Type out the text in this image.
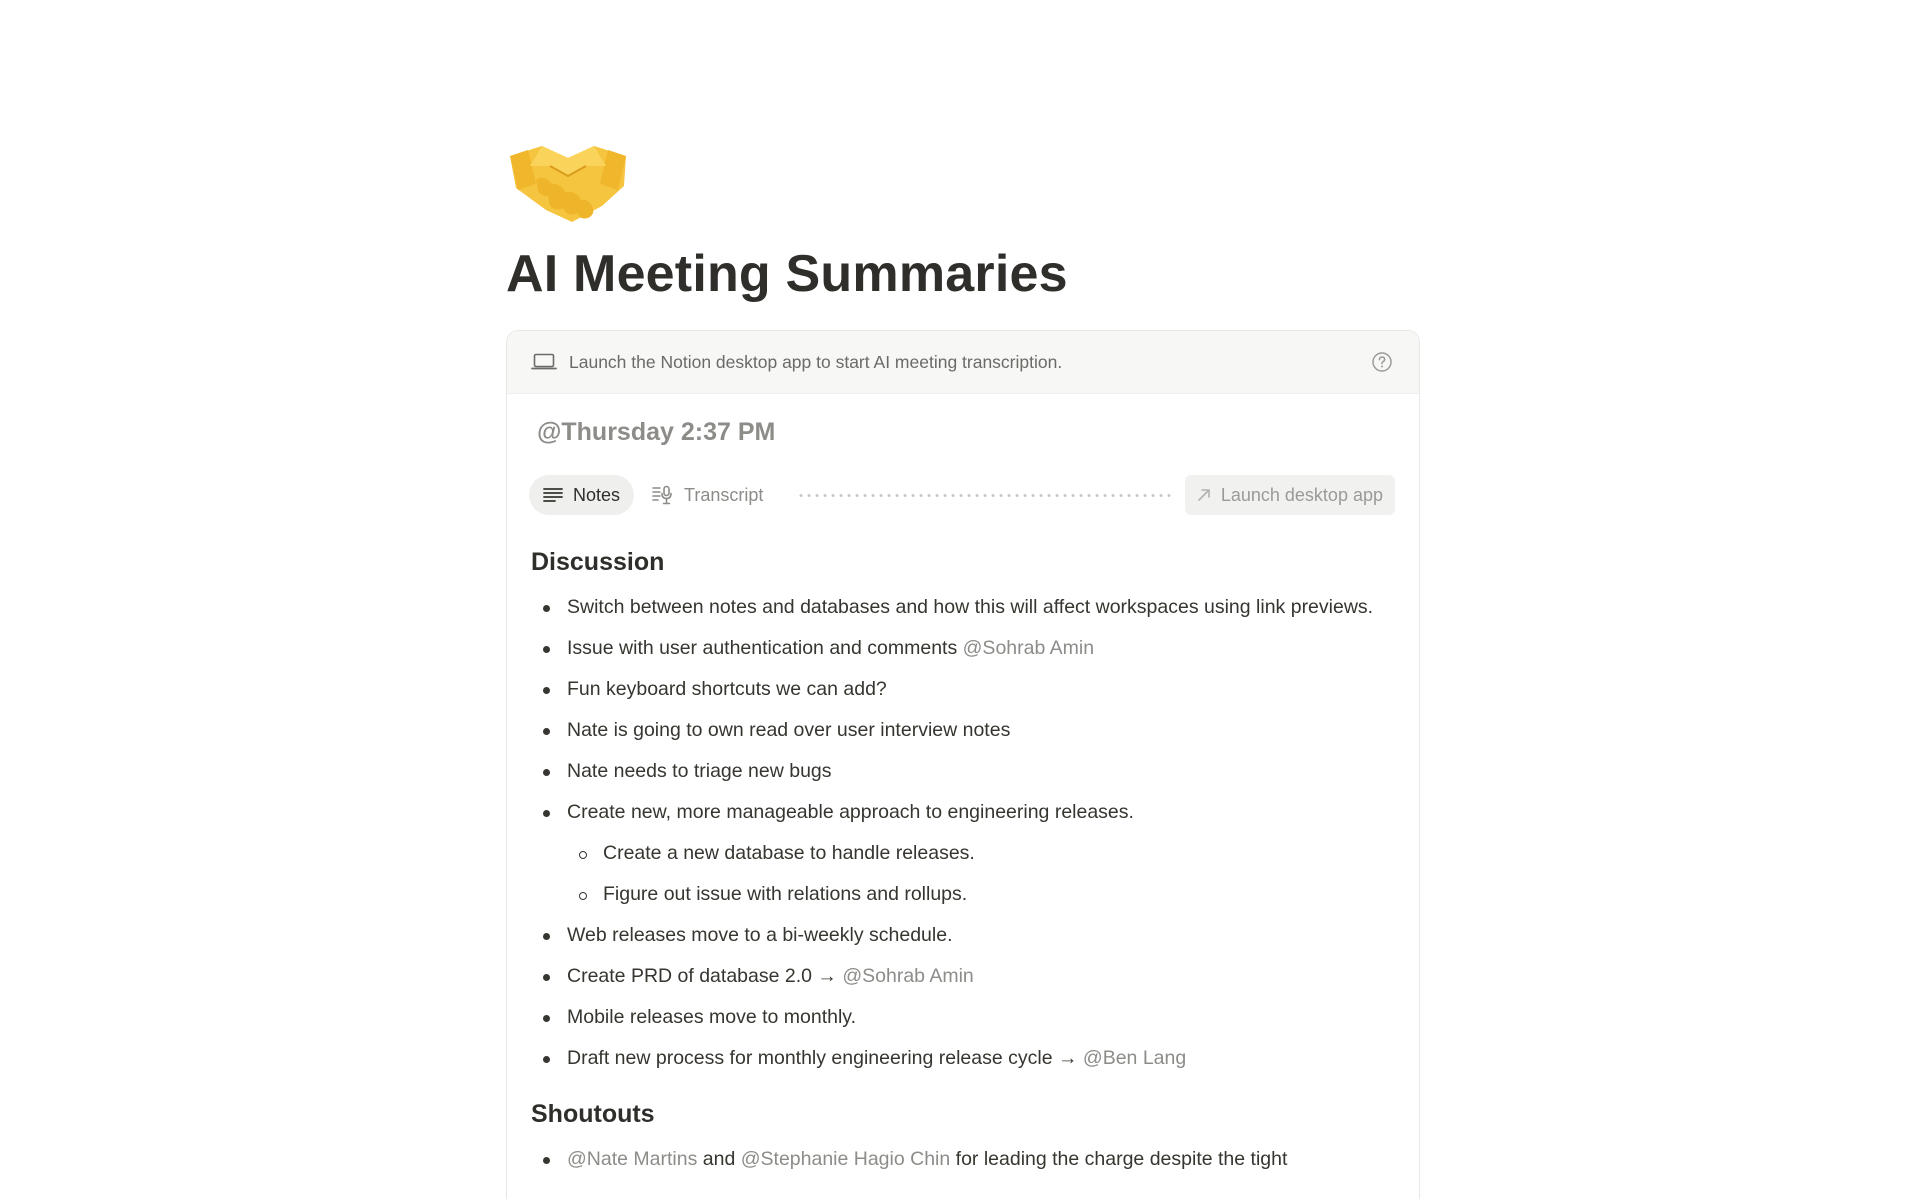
AI Meeting Summaries
Launch the Notion desktop app to start AI meeting transcription.
@Thursday 2:37 PM
Notes	Transcript	Launch desktop app
Discussion
Switch between notes and databases and how this will affect workspaces using link previews.
Issue with user authentication and comments @Sohrab Amin
Fun keyboard shortcuts we can add?
Nate is going to own read over user interview notes
Nate needs to triage new bugs
Create new, more manageable approach to engineering releases.
Create a new database to handle releases.
Figure out issue with relations and rollups.
Web releases move to a bi-weekly schedule.
Create PRD of database 2.0 → @Sohrab Amin
Mobile releases move to monthly.
Draft new process for monthly engineering release cycle → @Ben Lang
Shoutouts
@Nate Martins and @Stephanie Hagio Chin for leading the charge despite the tight
